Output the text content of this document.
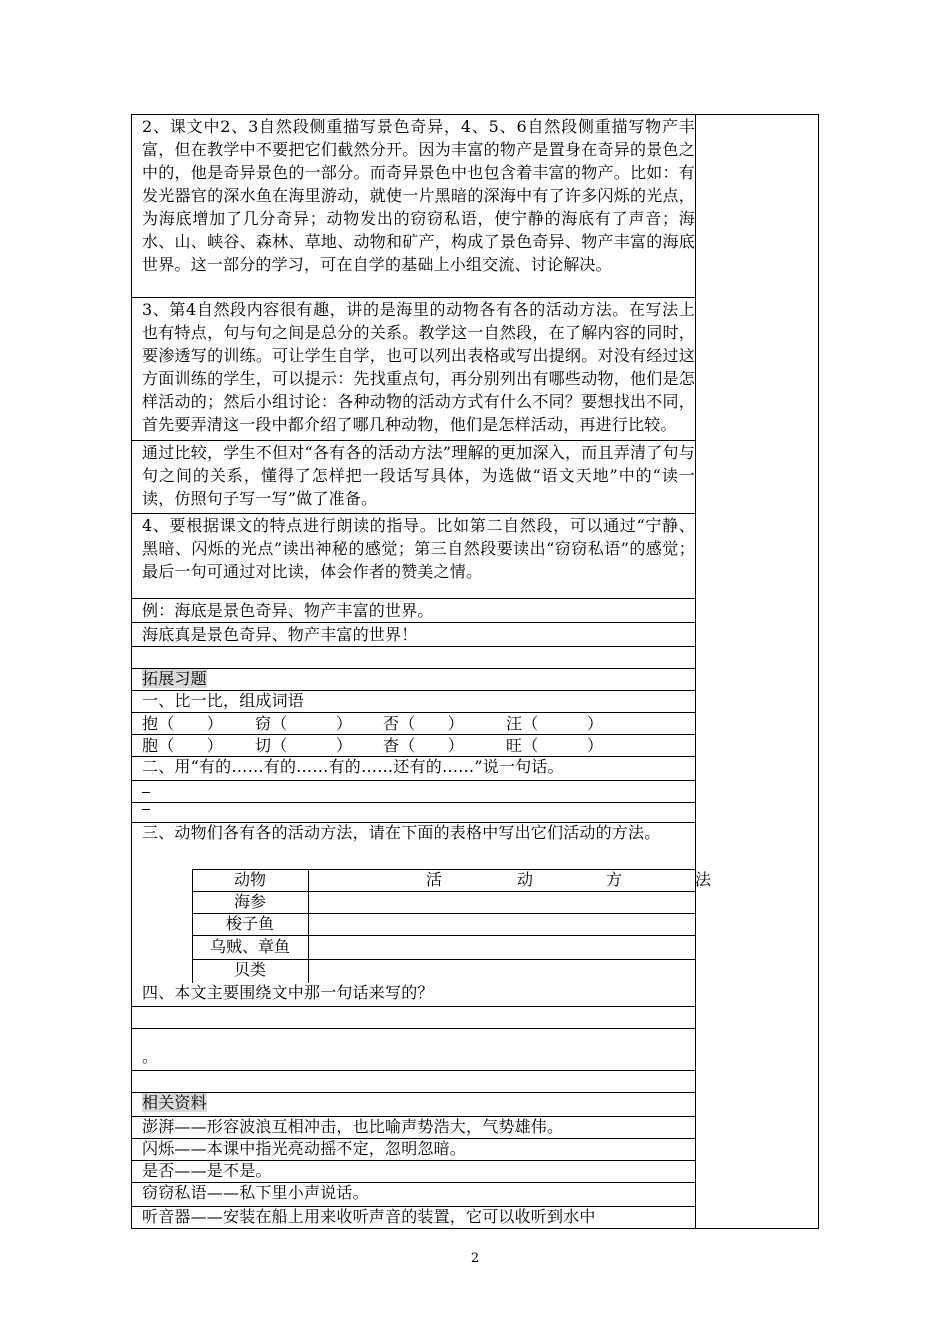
2、课文中2、3自然段侧重描写景色奇异，4、5、6自然段侧重描写物产丰富，但在教学中不要把它们截然分开。因为丰富的物产是置身在奇异的景色之中的，他是奇异景色的一部分。而奇异景色中也包含着丰富的物产。比如：有发光器官的深水鱼在海里游动，就使一片黑暗的深海中有了许多闪烁的光点，为海底增加了几分奇异；动物发出的窃窃私语，使宁静的海底有了声音；海水、山、峡谷、森林、草地、动物和矿产，构成了景色奇异、物产丰富的海底世界。这一部分的学习，可在自学的基础上小组交流、讨论解决。
3、第4自然段内容很有趣，讲的是海里的动物各有各的活动方法。在写法上也有特点，句与句之间是总分的关系。教学这一自然段，在了解内容的同时，要渗透写的训练。可让学生自学，也可以列出表格或写出提纲。对没有经过这方面训练的学生，可以提示：先找重点句，再分别列出有哪些动物，他们是怎样活动的；然后小组讨论：各种动物的活动方式有什么不同？要想找出不同，首先要弄清这一段中都介绍了哪几种动物，他们是怎样活动，再进行比较。
通过比较，学生不但对“各有各的活动方法”理解的更加深入，而且弄清了句与句之间的关系，懂得了怎样把一段话写具体，为选做“语文天地”中的“读一读，仿照句子写一写”做了准备。
4、要根据课文的特点进行朗读的指导。比如第二自然段，可以通过“宁静、黑暗、闪烁的光点”读出神秘的感觉；第三自然段要读出“窃窃私语”的感觉；最后一句可通过对比读，体会作者的赞美之情。
例：海底是景色奇异、物产丰富的世界。
海底真是景色奇异、物产丰富的世界！
拓展习题
一、比一比，组成词语
抱（　　） 窃（　　　） 否（　　）	汪（　　　）
胞（　　） 切（　　　） 杳（　　）	旺（　　　）
二、用“有的……有的……有的……还有的……”说一句话。
三、动物们各有各的活动方法，请在下面的表格中写出它们活动的方法。
动物	活	动	方	法
海参
梭子鱼
乌贼、章鱼
贝类
四、本文主要围绕文中那一句话来写的？
。
相关资料
澎湃——形容波浪互相冲击，也比喻声势浩大，气势雄伟。
闪烁——本课中指光亮动摇不定，忽明忽暗。
是否——是不是。
窃窃私语——私下里小声说话。
听音器——安装在船上用来收听声音的装置，它可以收听到水中
2
